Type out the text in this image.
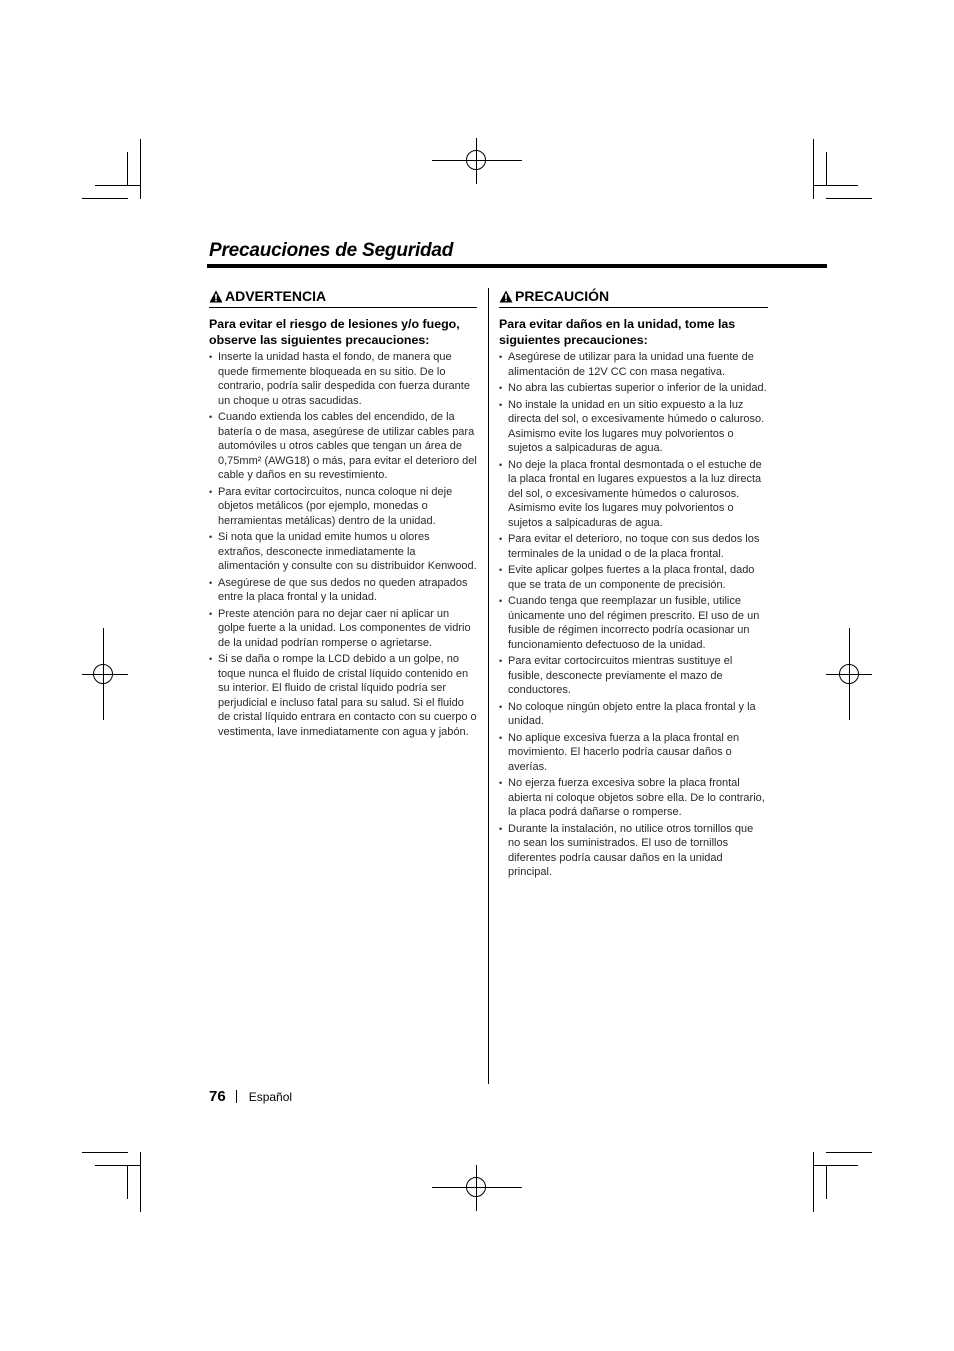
Precauciones de Seguridad
ADVERTENCIA

Para evitar el riesgo de lesiones y/o fuego, observe las siguientes precauciones:

• Inserte la unidad hasta el fondo, de manera que quede firmemente bloqueada en su sitio. De lo contrario, podría salir despedida con fuerza durante un choque u otras sacudidas.
• Cuando extienda los cables del encendido, de la batería o de masa, asegúrese de utilizar cables para automóviles u otros cables que tengan un área de 0,75mm² (AWG18) o más, para evitar el deterioro del cable y daños en su revestimiento.
• Para evitar cortocircuitos, nunca coloque ni deje objetos metálicos (por ejemplo, monedas o herramientas metálicas) dentro de la unidad.
• Si nota que la unidad emite humos u olores extraños, desconecte inmediatamente la alimentación y consulte con su distribuidor Kenwood.
• Asegúrese de que sus dedos no queden atrapados entre la placa frontal y la unidad.
• Preste atención para no dejar caer ni aplicar un golpe fuerte a la unidad. Los componentes de vidrio de la unidad podrían romperse o agrietarse.
• Si se daña o rompe la LCD debido a un golpe, no toque nunca el fluido de cristal líquido contenido en su interior. El fluido de cristal líquido podría ser perjudicial e incluso fatal para su salud. Si el fluido de cristal líquido entrara en contacto con su cuerpo o vestimenta, lave inmediatamente con agua y jabón.
PRECAUCIÓN

Para evitar daños en la unidad, tome las siguientes precauciones:

• Asegúrese de utilizar para la unidad una fuente de alimentación de 12V CC con masa negativa.
• No abra las cubiertas superior o inferior de la unidad.
• No instale la unidad en un sitio expuesto a la luz directa del sol, o excesivamente húmedo o caluroso. Asimismo evite los lugares muy polvorientos o sujetos a salpicaduras de agua.
• No deje la placa frontal desmontada o el estuche de la placa frontal en lugares expuestos a la luz directa del sol, o excesivamente húmedos o calurosos. Asimismo evite los lugares muy polvorientos o sujetos a salpicaduras de agua.
• Para evitar el deterioro, no toque con sus dedos los terminales de la unidad o de la placa frontal.
• Evite aplicar golpes fuertes a la placa frontal, dado que se trata de un componente de precisión.
• Cuando tenga que reemplazar un fusible, utilice únicamente uno del régimen prescrito. El uso de un fusible de régimen incorrecto podría ocasionar un funcionamiento defectuoso de la unidad.
• Para evitar cortocircuitos mientras sustituye el fusible, desconecte previamente el mazo de conductores.
• No coloque ningún objeto entre la placa frontal y la unidad.
• No aplique excesiva fuerza a la placa frontal en movimiento. El hacerlo podría causar daños o averías.
• No ejerza fuerza excesiva sobre la placa frontal abierta ni coloque objetos sobre ella. De lo contrario, la placa podrá dañarse o romperse.
• Durante la instalación, no utilice otros tornillos que no sean los suministrados. El uso de tornillos diferentes podría causar daños en la unidad principal.
76 Español
